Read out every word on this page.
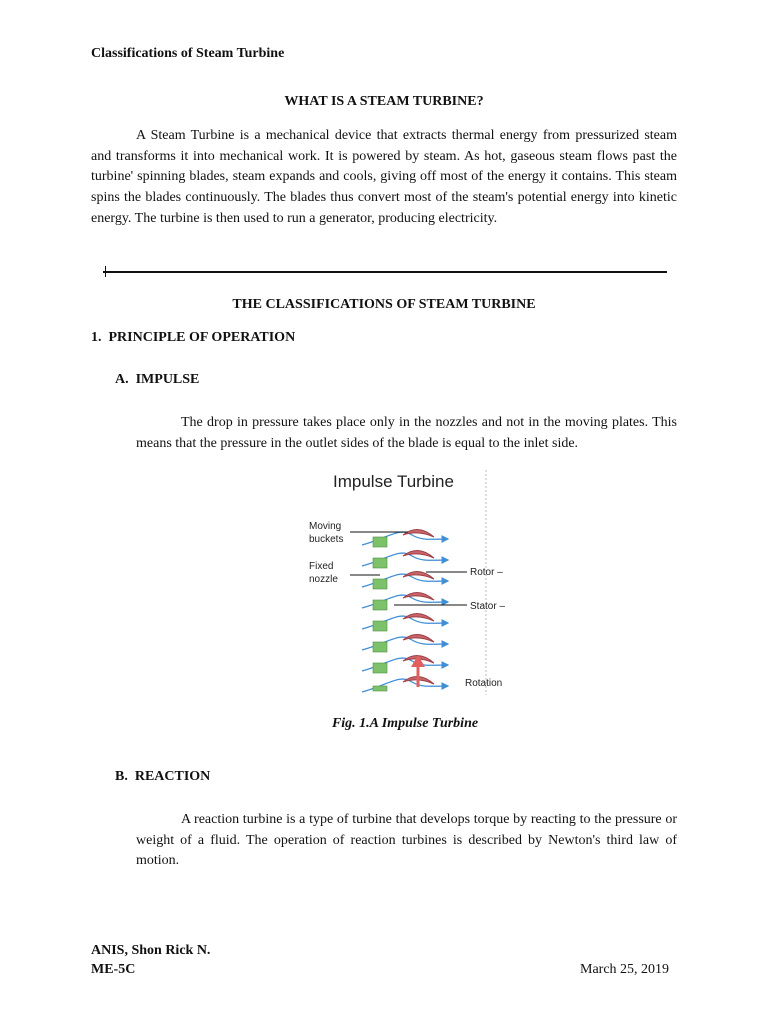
Classifications of Steam Turbine
WHAT IS A STEAM TURBINE?

A Steam Turbine is a mechanical device that extracts thermal energy from pressurized steam and transforms it into mechanical work. It is powered by steam. As hot, gaseous steam flows past the turbine' spinning blades, steam expands and cools, giving off most of the energy it contains. This steam spins the blades continuously. The blades thus convert most of the steam's potential energy into kinetic energy. The turbine is then used to run a generator, producing electricity.

THE CLASSIFICATIONS OF STEAM TURBINE
1.  PRINCIPLE OF OPERATION
A.  IMPULSE

The drop in pressure takes place only in the nozzles and not in the moving plates. This means that the pressure in the outlet sides of the blade is equal to the inlet side.

Impulse Turbine
Moving
buckets
Fixed
nozzle
Rotor –
Stator –
Rotation
Fig. 1.A Impulse Turbine
B.  REACTION

A reaction turbine is a type of turbine that develops torque by reacting to the pressure or weight of a fluid. The operation of reaction turbines is described by Newton's third law of motion.

ANIS, Shon Rick N.
ME-5C	March 25, 2019
